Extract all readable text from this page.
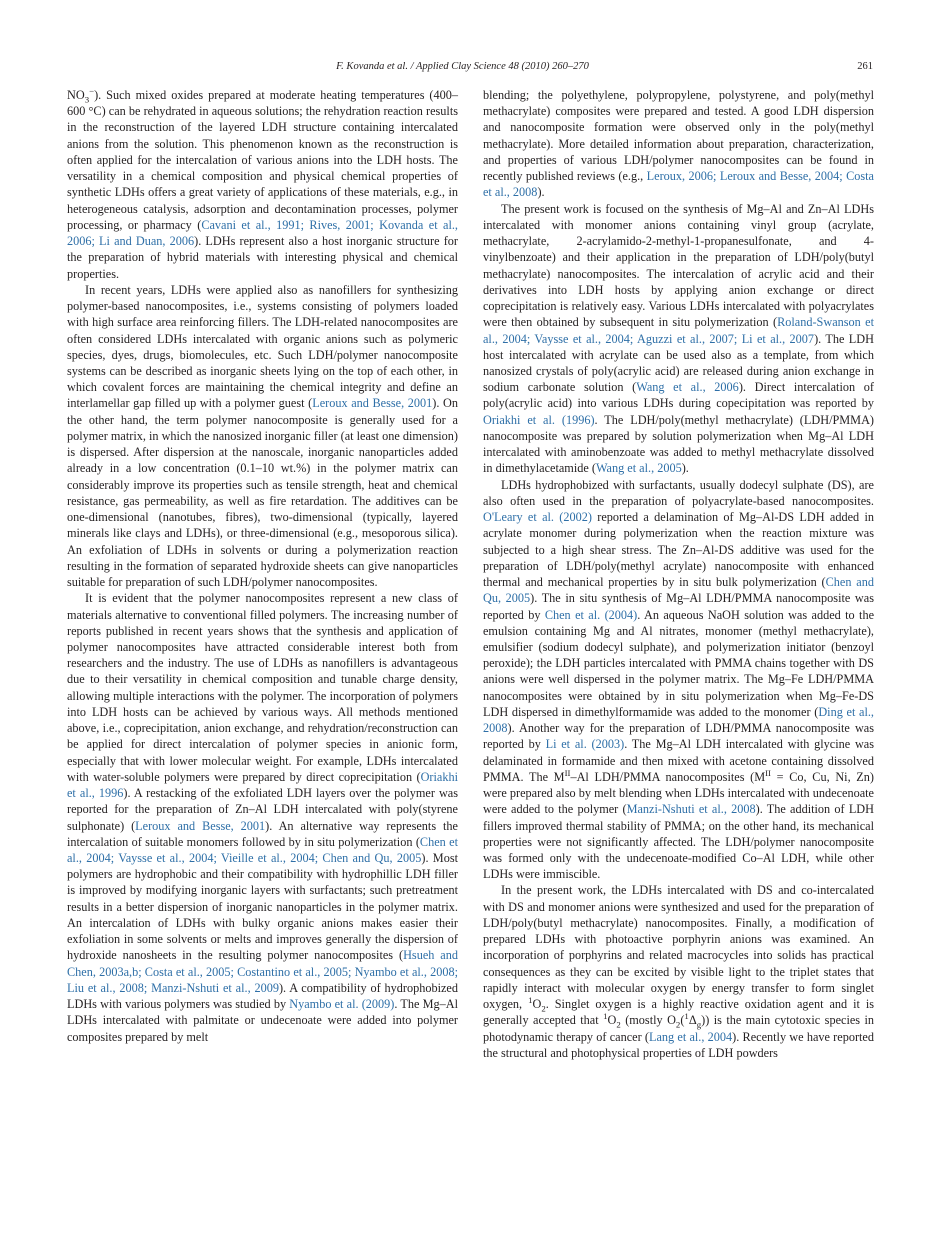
F. Kovanda et al. / Applied Clay Science 48 (2010) 260–270	261

$NO_3^-$). Such mixed oxides prepared at moderate heating temperatures (400–600 °C) can be rehydrated in aqueous solutions; the rehydration reaction results in the reconstruction of the layered LDH structure containing intercalated anions from the solution. This phenomenon known as the reconstruction is often applied for the intercalation of various anions into the LDH hosts. The versatility in a chemical composition and physical chemical properties of synthetic LDHs offers a great variety of applications of these materials, e.g., in heterogeneous catalysis, adsorption and decontamination processes, polymer processing, or pharmacy (Cavani et al., 1991; Rives, 2001; Kovanda et al., 2006; Li and Duan, 2006). LDHs represent also a host inorganic structure for the preparation of hybrid materials with interesting physical and chemical properties.

In recent years, LDHs were applied also as nanofillers for synthesizing polymer-based nanocomposites, i.e., systems consisting of polymers loaded with high surface area reinforcing fillers. The LDH-related nanocomposites are often considered LDHs intercalated with organic anions such as polymeric species, dyes, drugs, biomolecules, etc. Such LDH/polymer nanocomposite systems can be described as inorganic sheets lying on the top of each other, in which covalent forces are maintaining the chemical integrity and define an interlamellar gap filled up with a polymer guest (Leroux and Besse, 2001). On the other hand, the term polymer nanocomposite is generally used for a polymer matrix, in which the nanosized inorganic filler (at least one dimension) is dispersed. After dispersion at the nanoscale, inorganic nanoparticles added already in a low concentration (0.1–10 wt.%) in the polymer matrix can considerably improve its properties such as tensile strength, heat and chemical resistance, gas permeability, as well as fire retardation. The additives can be one-dimensional (nanotubes, fibres), two-dimensional (typically, layered minerals like clays and LDHs), or three-dimensional (e.g., mesoporous silica). An exfoliation of LDHs in solvents or during a polymerization reaction resulting in the formation of separated hydroxide sheets can give nanoparticles suitable for preparation of such LDH/polymer nanocomposites.

It is evident that the polymer nanocomposites represent a new class of materials alternative to conventional filled polymers. The increasing number of reports published in recent years shows that the synthesis and application of polymer nanocomposites have attracted considerable interest both from researchers and the industry. The use of LDHs as nanofillers is advantageous due to their versatility in chemical composition and tunable charge density, allowing multiple interactions with the polymer. The incorporation of polymers into LDH hosts can be achieved by various ways. All methods mentioned above, i.e., coprecipitation, anion exchange, and rehydration/reconstruction can be applied for direct intercalation of polymer species in anionic form, especially that with lower molecular weight. For example, LDHs intercalated with water-soluble polymers were prepared by direct coprecipitation (Oriakhi et al., 1996). A restacking of the exfoliated LDH layers over the polymer was reported for the preparation of Zn–Al LDH intercalated with poly(styrene sulphonate) (Leroux and Besse, 2001). An alternative way represents the intercalation of suitable monomers followed by in situ polymerization (Chen et al., 2004; Vaysse et al., 2004; Vieille et al., 2004; Chen and Qu, 2005). Most polymers are hydrophobic and their compatibility with hydrophillic LDH filler is improved by modifying inorganic layers with surfactants; such pretreatment results in a better dispersion of inorganic nanoparticles in the polymer matrix. An intercalation of LDHs with bulky organic anions makes easier their exfoliation in some solvents or melts and improves generally the dispersion of hydroxide nanosheets in the resulting polymer nanocomposites (Hsueh and Chen, 2003a,b; Costa et al., 2005; Costantino et al., 2005; Nyambo et al., 2008; Liu et al., 2008; Manzi-Nshuti et al., 2009). A compatibility of hydrophobized LDHs with various polymers was studied by Nyambo et al. (2009). The Mg–Al LDHs intercalated with palmitate or undecenoate were added into polymer composites prepared by melt

blending; the polyethylene, polypropylene, polystyrene, and poly(methyl methacrylate) composites were prepared and tested. A good LDH dispersion and nanocomposite formation were observed only in the poly(methyl methacrylate). More detailed information about preparation, characterization, and properties of various LDH/polymer nanocomposites can be found in recently published reviews (e.g., Leroux, 2006; Leroux and Besse, 2004; Costa et al., 2008).

The present work is focused on the synthesis of Mg–Al and Zn–Al LDHs intercalated with monomer anions containing vinyl group (acrylate, methacrylate, 2-acrylamido-2-methyl-1-propanesulfonate, and 4-vinylbenzoate) and their application in the preparation of LDH/poly(butyl methacrylate) nanocomposites. The intercalation of acrylic acid and their derivatives into LDH hosts by applying anion exchange or direct coprecipitation is relatively easy. Various LDHs intercalated with polyacrylates were then obtained by subsequent in situ polymerization (Roland-Swanson et al., 2004; Vaysse et al., 2004; Aguzzi et al., 2007; Li et al., 2007). The LDH host intercalated with acrylate can be used also as a template, from which nanosized crystals of poly(acrylic acid) are released during anion exchange in sodium carbonate solution (Wang et al., 2006). Direct intercalation of poly(acrylic acid) into various LDHs during copecipitation was reported by Oriakhi et al. (1996). The LDH/poly(methyl methacrylate) (LDH/PMMA) nanocomposite was prepared by solution polymerization when Mg–Al LDH intercalated with aminobenzoate was added to methyl methacrylate dissolved in dimethylacetamide (Wang et al., 2005).

LDHs hydrophobized with surfactants, usually dodecyl sulphate (DS), are also often used in the preparation of polyacrylate-based nanocomposites. O'Leary et al. (2002) reported a delamination of Mg–Al-DS LDH added in acrylate monomer during polymerization when the reaction mixture was subjected to a high shear stress. The Zn–Al-DS additive was used for the preparation of LDH/poly(methyl acrylate) nanocomposite with enhanced thermal and mechanical properties by in situ bulk polymerization (Chen and Qu, 2005). The in situ synthesis of Mg–Al LDH/PMMA nanocomposite was reported by Chen et al. (2004). An aqueous NaOH solution was added to the emulsion containing Mg and Al nitrates, monomer (methyl methacrylate), emulsifier (sodium dodecyl sulphate), and polymerization initiator (benzoyl peroxide); the LDH particles intercalated with PMMA chains together with DS anions were well dispersed in the polymer matrix. The Mg–Fe LDH/PMMA nanocomposites were obtained by in situ polymerization when Mg–Fe-DS LDH dispersed in dimethylformamide was added to the monomer (Ding et al., 2008). Another way for the preparation of LDH/PMMA nanocomposite was reported by Li et al. (2003). The Mg–Al LDH intercalated with glycine was delaminated in formamide and then mixed with acetone containing dissolved PMMA. The $M^{II}-Al$ LDH/PMMA nanocomposites ($M^{II} = Co$, Cu, Ni, Zn) were prepared also by melt blending when LDHs intercalated with undecenoate were added to the polymer (Manzi-Nshuti et al., 2008). The addition of LDH fillers improved thermal stability of PMMA; on the other hand, its mechanical properties were not significantly affected. The LDH/polymer nanocomposite was formed only with the undecenoate-modified Co–Al LDH, while other LDHs were immiscible.

In the present work, the LDHs intercalated with DS and co-intercalated with DS and monomer anions were synthesized and used for the preparation of LDH/poly(butyl methacrylate) nanocomposites. Finally, a modification of prepared LDHs with photoactive porphyrin anions was examined. An incorporation of porphyrins and related macrocycles into solids has practical consequences as they can be excited by visible light to the triplet states that rapidly interact with molecular oxygen by energy transfer to form singlet oxygen, $^1O_2$. Singlet oxygen is a highly reactive oxidation agent and it is generally accepted that $^1O_2$ (mostly $O_2(^1\Delta_g)$) is the main cytotoxic species in photodynamic therapy of cancer (Lang et al., 2004). Recently we have reported the structural and photophysical properties of LDH powders
